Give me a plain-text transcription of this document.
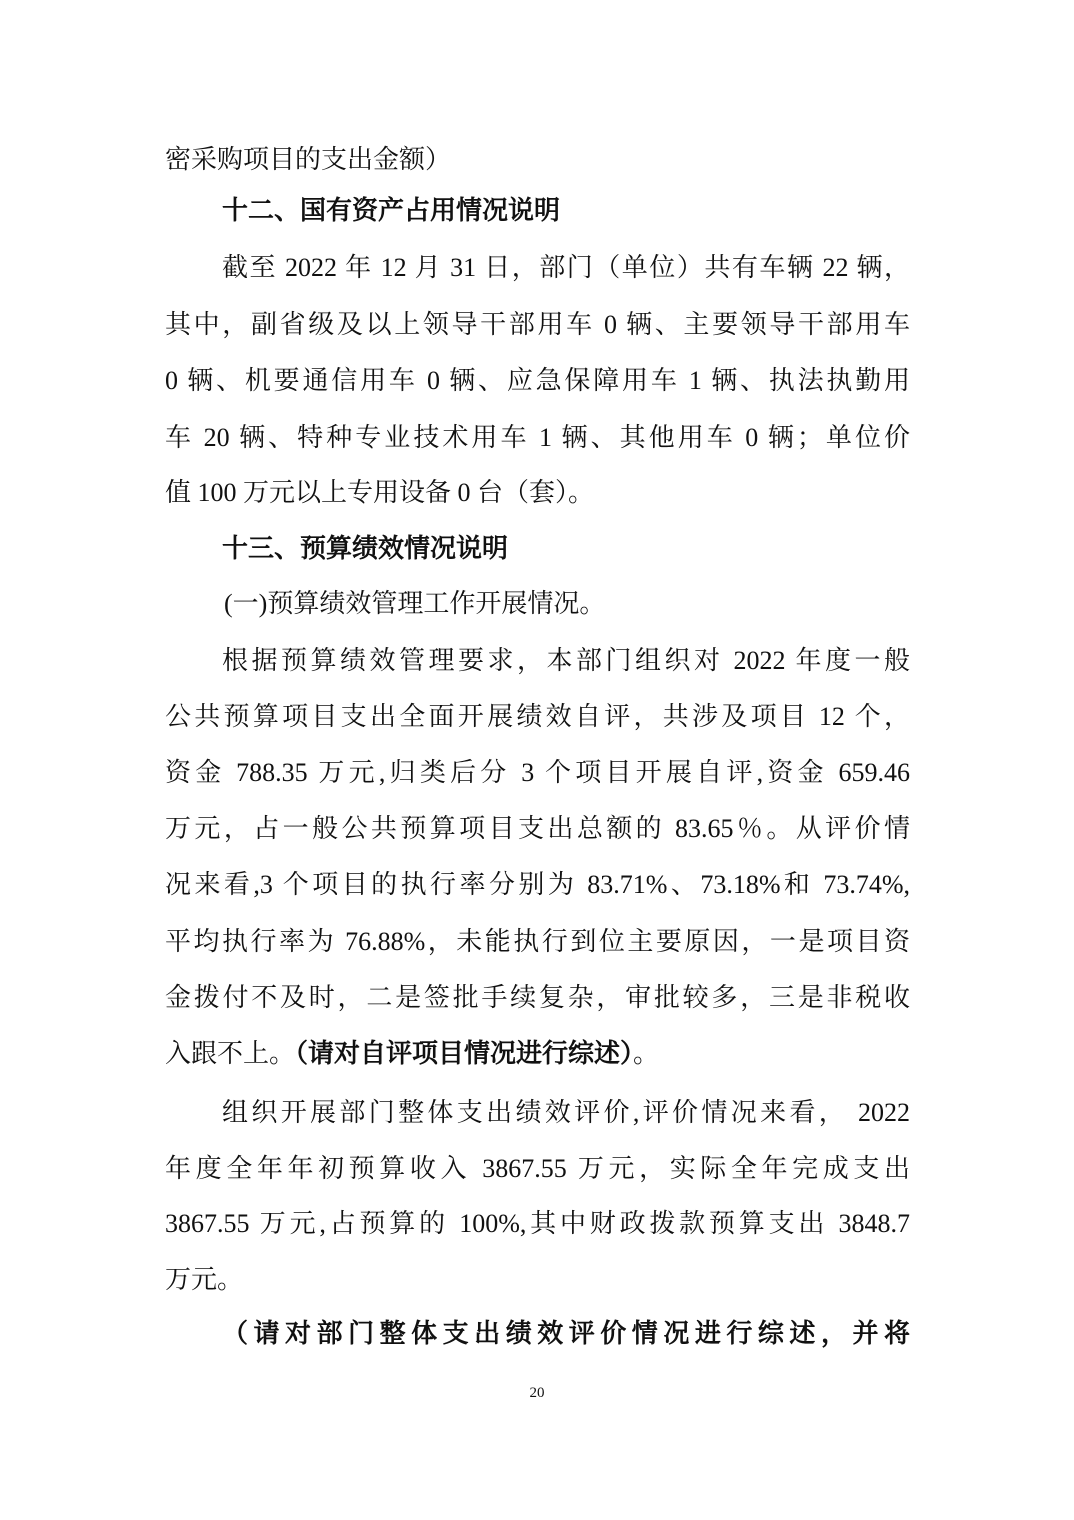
密采购项目的支出金额）
十二、国有资产占用情况说明
截至 2022 年 12 月 31 日，部门（单位）共有车辆 22 辆，
其中，副省级及以上领导干部用车 0 辆、主要领导干部用车
0 辆、机要通信用车 0 辆、应急保障用车 1 辆、执法执勤用
车 20 辆、特种专业技术用车 1 辆、其他用车 0 辆；单位价
值 100 万元以上专用设备 0 台（套）。
十三、预算绩效情况说明
(一)预算绩效管理工作开展情况。
根据预算绩效管理要求，本部门组织对 2022 年度一般
公共预算项目支出全面开展绩效自评，共涉及项目 12 个，
资金 788.35 万元,归类后分 3 个项目开展自评,资金 659.46
万元，占一般公共预算项目支出总额的 83.65％。从评价情
况来看,3 个项目的执行率分别为 83.71%、73.18%和 73.74%,
平均执行率为 76.88%，未能执行到位主要原因，一是项目资
金拨付不及时，二是签批手续复杂，审批较多，三是非税收
入跟不上。（请对自评项目情况进行综述）。
组织开展部门整体支出绩效评价,评价情况来看， 2022
年度全年年初预算收入 3867.55 万元，实际全年完成支出
3867.55 万元,占预算的 100%,其中财政拨款预算支出 3848.7
万元。
（请对部门整体支出绩效评价情况进行综述，并将
20
